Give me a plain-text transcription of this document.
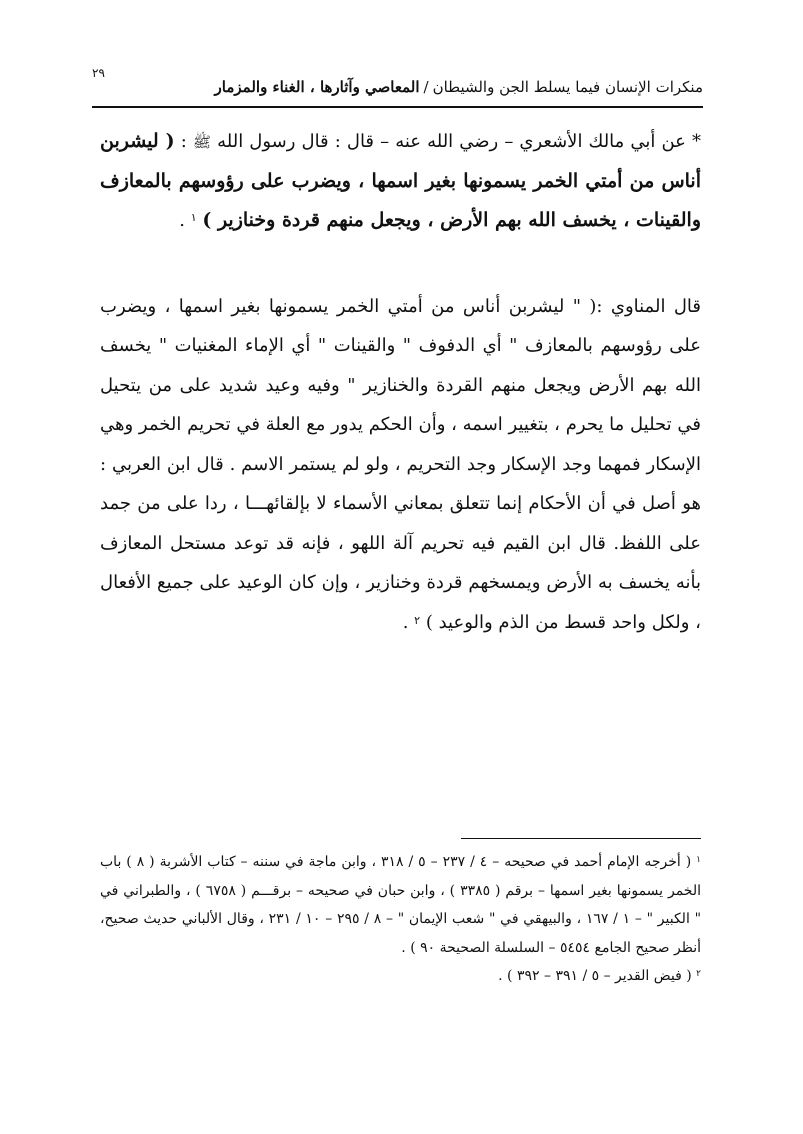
٢٩
منكرات الإنسان فيما يسلط الجن والشيطان/المعاصي وآثارها ، الغناء والمزمار

* عن أبي مالك الأشعري – رضي الله عنه – قال : قال رسول الله ﷺ : ( ليشربن أناس من أمتي الخمر يسمونها بغير اسمها ، ويضرب على رؤوسهم بالمعازف والقينات ، يخسف الله بهم الأرض ، ويجعل منهم قردة وخنازير ) $^١$ .

قال المناوي :( " ليشربن أناس من أمتي الخمر يسمونها بغير اسمها ، ويضرب على رؤوسهم بالمعازف " أي الدفوف " والقينات " أي الإماء المغنيات " يخسف الله بهم الأرض ويجعل منهم القردة والخنازير " وفيه وعيد شديد على من يتحيل في تحليل ما يحرم ، بتغيير اسمه ، وأن الحكم يدور مع العلة في تحريم الخمر وهي الإسكار فمهما وجد الإسكار وجد التحريم ، ولو لم يستمر الاسم . قال ابن العربي : هو أصل في أن الأحكام إنما تتعلق بمعاني الأسماء لا بإلقائهـــا ، ردا على من جمد على اللفظ. قال ابن القيم فيه تحريم آلة اللهو ، فإنه قد توعد مستحل المعازف بأنه يخسف به الأرض ويمسخهم قردة وخنازير ، وإن كان الوعيد على جميع الأفعال ، ولكل واحد قسط من الذم والوعيد ) $^٢$ .

$^١$ ( أخرجه الإمام أحمد في صحيحه – ٤ / ٢٣٧ – ٥ / ٣١٨ ، وابن ماجة في سننه – كتاب الأشربة ( ٨ ) باب الخمر يسمونها بغير اسمها – برقم ( ٣٣٨٥ ) ، وابن حبان في صحيحه – برقـــم ( ٦٧٥٨ ) ، والطبراني في " الكبير " – ١ / ١٦٧ ، والبيهقي في " شعب الإيمان " – ٨ / ٢٩٥ – ١٠ / ٢٣١ ، وقال الألباني حديث صحيح، أنظر صحيح الجامع ٥٤٥٤ – السلسلة الصحيحة ٩٠ ) .

$^٢$ ( فيض القدير – ٥ / ٣٩١ – ٣٩٢ ) .
